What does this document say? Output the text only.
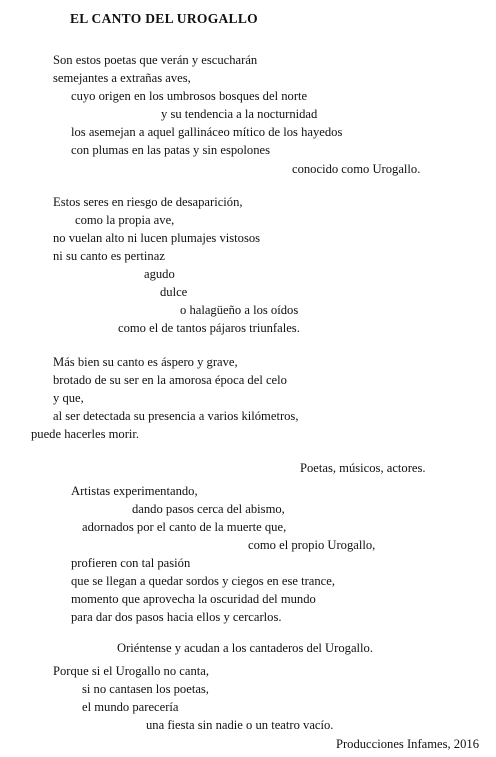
EL CANTO DEL UROGALLO
Son estos poetas que verán y escucharán
semejantes a extrañas aves,
cuyo origen en los umbrosos bosques del norte
y su tendencia a la nocturnidad
los asemejan a aquel gallináceo mítico de los hayedos
con plumas en las patas y sin espolones
conocido como Urogallo.
Estos seres en riesgo de desaparición,
como la propia ave,
no vuelan alto ni lucen plumajes vistosos
ni su canto es pertinaz
agudo
dulce
o halagüeño a los oídos
como el de tantos pájaros triunfales.
Más bien su canto es áspero y grave,
brotado de su ser en la amorosa época del celo
y que,
al ser detectada su presencia a varios kilómetros,
puede hacerles morir.
Poetas, músicos, actores.
Artistas experimentando,
dando pasos cerca del abismo,
adornados por el canto de la muerte que,
como el propio Urogallo,
profieren con tal pasión
que se llegan a quedar sordos y ciegos en ese trance,
momento que aprovecha la oscuridad del mundo
para dar dos pasos hacia ellos y cercarlos.
Oriéntense y acudan a los cantaderos del Urogallo.
Porque si el Urogallo no canta,
si no cantasen los poetas,
el mundo parecería
una fiesta sin nadie o un teatro vacío.
Producciones Infames, 2016
